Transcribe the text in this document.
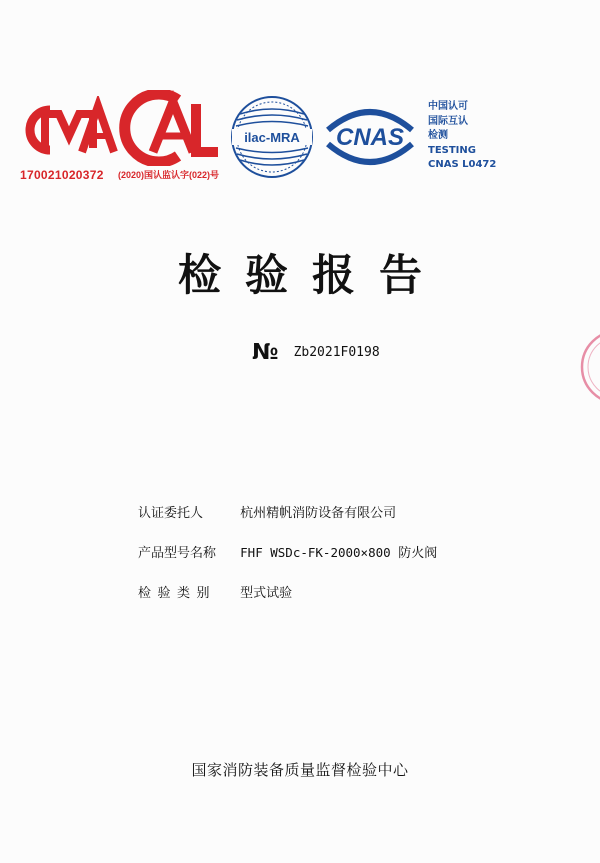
170021020372 (2020)国认监认字(022)号
ilac-MRA CNAS
中国认可
国际互认
检测
TESTING
CNAS L0472
检验报告
№ Zb2021F0198
认证委托人	杭州精帆消防设备有限公司
产品型号名称 FHF WSDc-FK-2000×800 防火阀
检验类别 型式试验
国家消防装备质量监督检验中心
